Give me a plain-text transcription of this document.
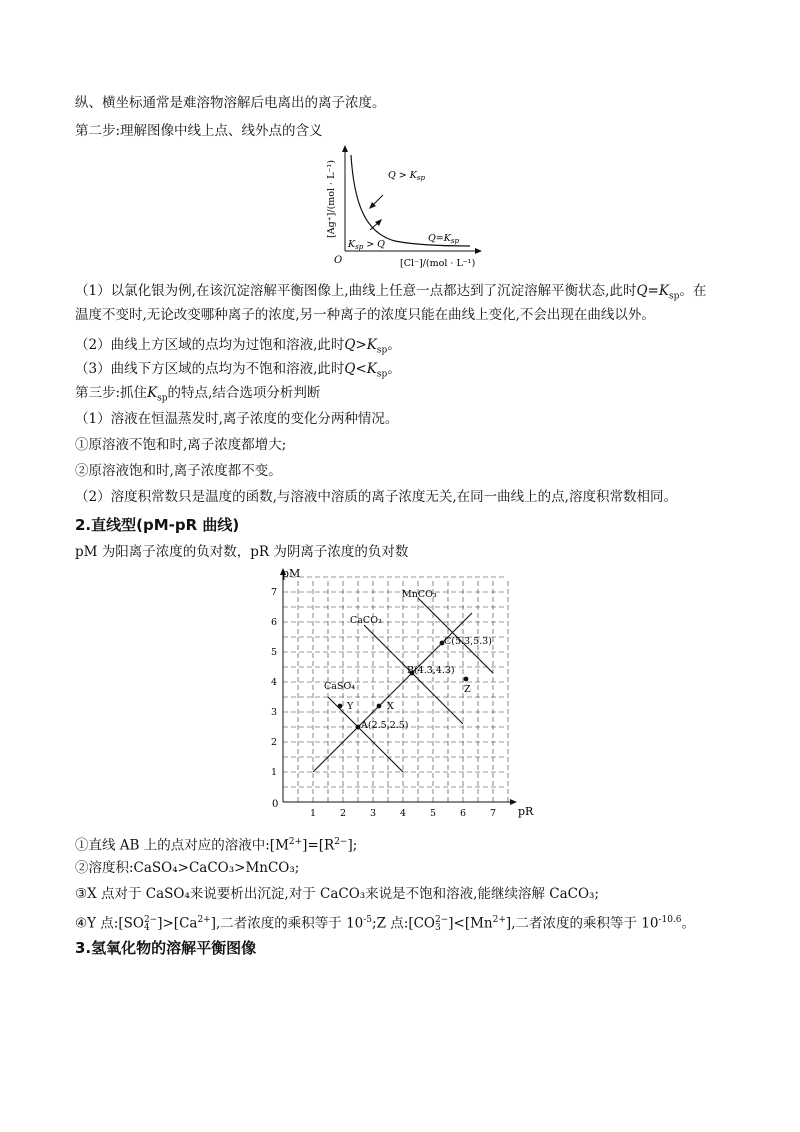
纵、横坐标通常是难溶物溶解后电离出的离子浓度。
第二步:理解图像中线上点、线外点的含义
[Ag⁺]/(mol · L⁻¹)
[Cl⁻]/(mol · L⁻¹)
O
$Q > K_{sp}$
$K_{sp} > Q$
$Q=K_{sp}$
（1）以氯化银为例,在该沉淀溶解平衡图像上,曲线上任意一点都达到了沉淀溶解平衡状态,此时$Q=K_{sp}$。在
温度不变时,无论改变哪种离子的浓度,另一种离子的浓度只能在曲线上变化,不会出现在曲线以外。
（2）曲线上方区域的点均为过饱和溶液,此时$Q>K_{sp}$。
（3）曲线下方区域的点均为不饱和溶液,此时$Q<K_{sp}$。
第三步:抓住$K_{sp}$的特点,结合选项分析判断
（1）溶液在恒温蒸发时,离子浓度的变化分两种情况。
①原溶液不饱和时,离子浓度都增大;
②原溶液饱和时,离子浓度都不变。
（2）溶度积常数只是温度的函数,与溶液中溶质的离子浓度无关,在同一曲线上的点,溶度积常数相同。
2.直线型(pM-pR 曲线)
pM 为阳离子浓度的负对数，pR 为阴离子浓度的负对数
1	2	3	4	5	6	7
1
2
3
4
5
6
7
pM
pR
0
MnCO₃
CaCO₃
CaSO₄
A(2.5,2.5)
B(4.3,4.3)
C(5.3,5.3)
X
Y
Z
①直线 AB 上的点对应的溶液中$:[M^{2+}]=[R^{2-}]$;
②溶度积:CaSO₄>CaCO₃>MnCO₃;
③X 点对于 CaSO₄来说要析出沉淀,对于 CaCO₃来说是不饱和溶液,能继续溶解 CaCO₃;
④Y 点:[SO 2−
4 ]$>[Ca^{2+}]$,二者浓度的乘积等于 $10^{-5};Z$ 点:[CO 2−
3 ]$<[Mn^{2+}]$,二者浓度的乘积等于 $10^{-10.6}$。
3.氢氧化物的溶解平衡图像
